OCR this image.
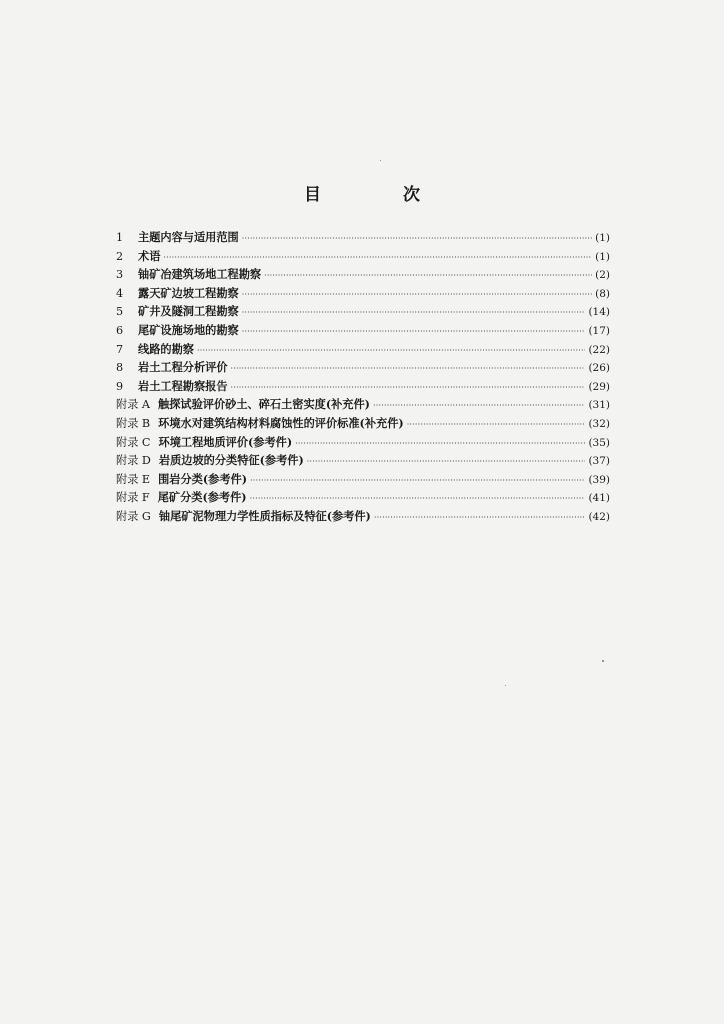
目 次
1	主题内容与适用范围 ·····	(1)
2	术语 ·····	(1)
3	铀矿冶建筑场地工程勘察 ·····	(2)
4	露天矿边坡工程勘察 ·····	(8)
5	矿井及隧洞工程勘察 ·····	(14)
6	尾矿设施场地的勘察 ·····	(17)
7	线路的勘察 ·····	(22)
8	岩土工程分析评价 ·····	(26)
9	岩土工程勘察报告 ·····	(29)
附录 A 触探试验评价砂土、碎石土密实度(补充件) ·····	(31)
附录 B 环境水对建筑结构材料腐蚀性的评价标准(补充件) ·····	(32)
附录 C 环境工程地质评价(参考件) ·····	(35)
附录 D 岩质边坡的分类特征(参考件) ·····	(37)
附录 E 围岩分类(参考件) ·····	(39)
附录 F 尾矿分类(参考件) ·····	(41)
附录 G 铀尾矿泥物理力学性质指标及特征(参考件) ·····	(42)
